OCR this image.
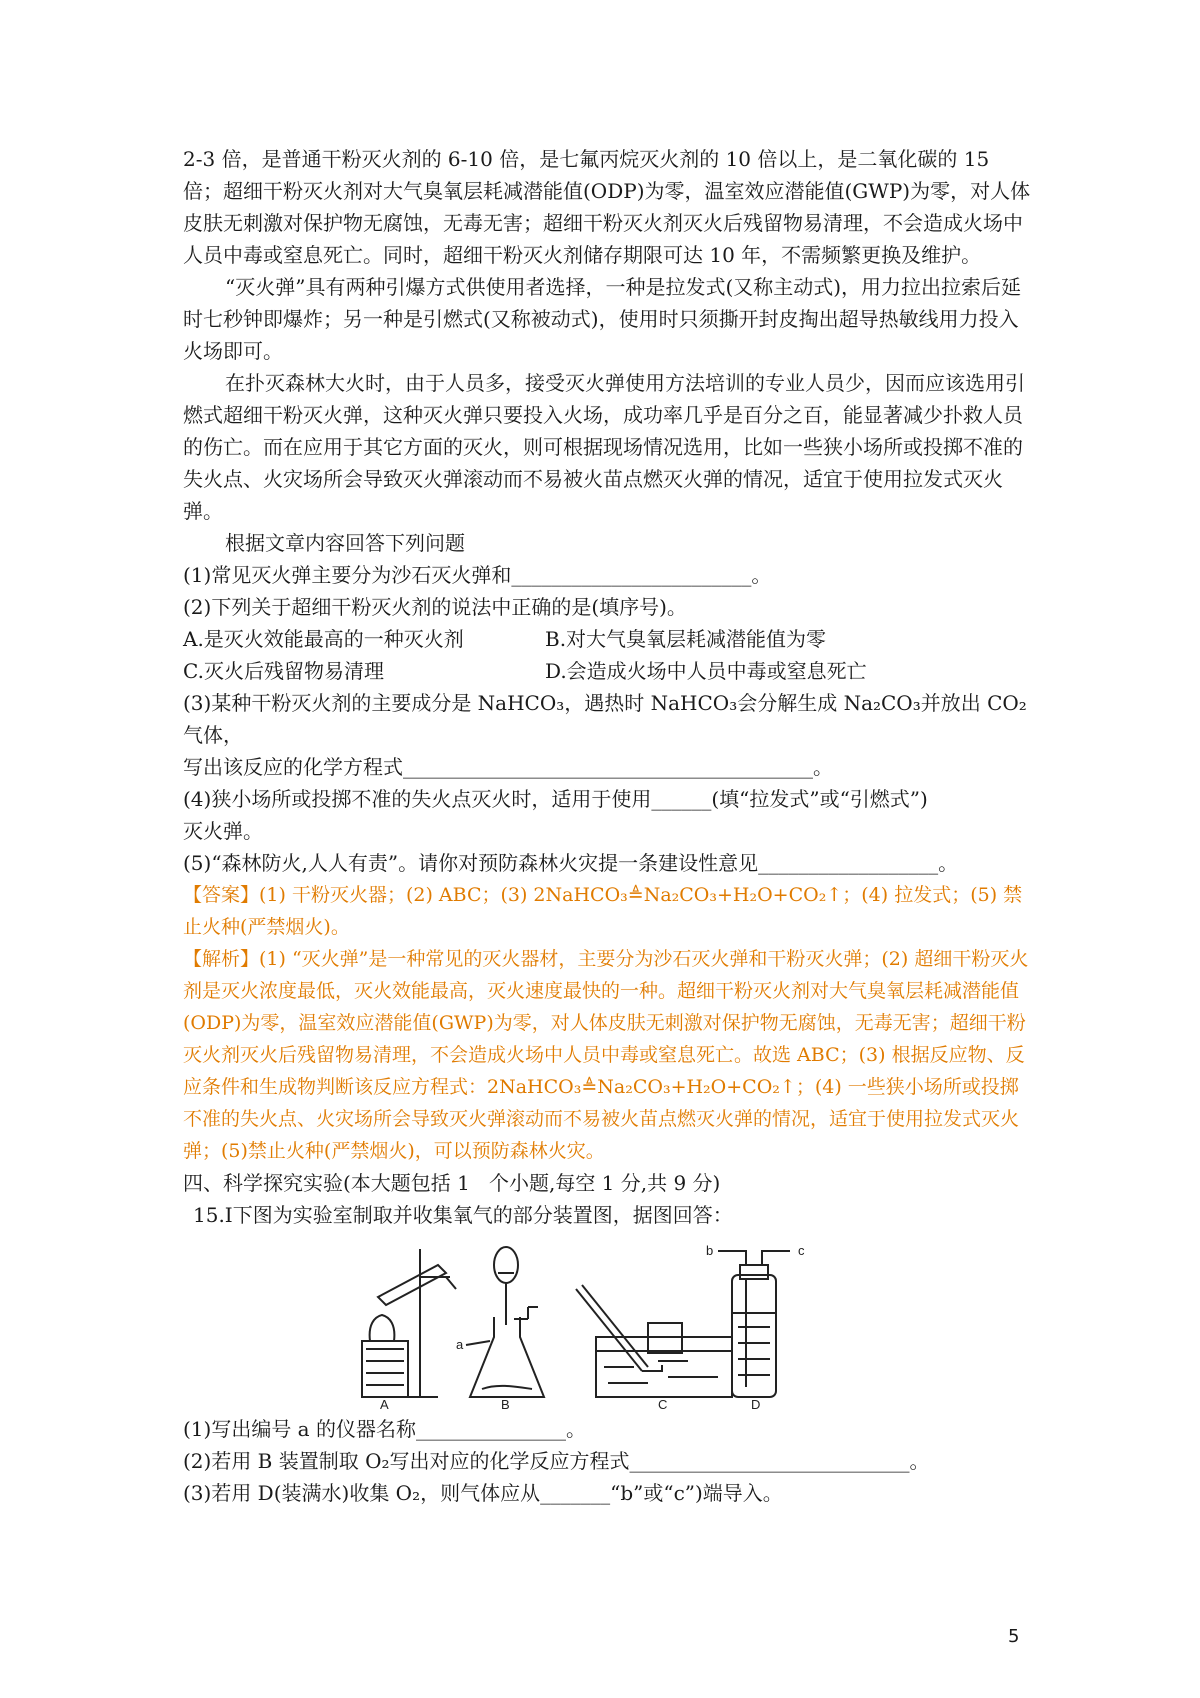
2-3 倍，是普通干粉灭火剂的 6-10 倍，是七氟丙烷灭火剂的 10 倍以上，是二氧化碳的 15 倍；超细干粉灭火剂对大气臭氧层耗减潜能值(ODP)为零，温室效应潜能值(GWP)为零，对人体皮肤无刺激对保护物无腐蚀，无毒无害；超细干粉灭火剂灭火后残留物易清理，不会造成火场中人员中毒或窒息死亡。同时，超细干粉灭火剂储存期限可达 10 年，不需频繁更换及维护。

“灭火弹”具有两种引爆方式供使用者选择，一种是拉发式(又称主动式)，用力拉出拉索后延时七秒钟即爆炸；另一种是引燃式(又称被动式)，使用时只须撕开封皮掏出超导热敏线用力投入火场即可。

在扑灭森林大火时，由于人员多，接受灭火弹使用方法培训的专业人员少，因而应该选用引燃式超细干粉灭火弹，这种灭火弹只要投入火场，成功率几乎是百分之百，能显著减少扑救人员的伤亡。而在应用于其它方面的灭火，则可根据现场情况选用，比如一些狭小场所或投掷不准的失火点、火灾场所会导致灭火弹滚动而不易被火苗点燃灭火弹的情况，适宜于使用拉发式灭火弹。

根据文章内容回答下列问题

(1)常见灭火弹主要分为沙石灭火弹和________________________。

(2)下列关于超细干粉灭火剂的说法中正确的是(填序号)。

A.是灭火效能最高的一种灭火剂	B.对大气臭氧层耗减潜能值为零
C.灭火后残留物易清理	D.会造成火场中人员中毒或窒息死亡

(3)某种干粉灭火剂的主要成分是 NaHCO₃，遇热时 NaHCO₃会分解生成 Na₂CO₃并放出 CO₂气体，

写出该反应的化学方程式_________________________________________。

(4)狭小场所或投掷不准的失火点灭火时，适用于使用______(填“拉发式”或“引燃式”)

灭火弹。

(5)“森林防火,人人有责”。请你对预防森林火灾提一条建设性意见__________________。

【答案】(1) 干粉灭火器；(2) ABC；(3) 2NaHCO₃≜Na₂CO₃+H₂O+CO₂↑；(4) 拉发式；(5) 禁止火种(严禁烟火)。

【解析】(1) “灭火弹”是一种常见的灭火器材，主要分为沙石灭火弹和干粉灭火弹；(2) 超细干粉灭火剂是灭火浓度最低，灭火效能最高，灭火速度最快的一种。超细干粉灭火剂对大气臭氧层耗减潜能值(ODP)为零，温室效应潜能值(GWP)为零，对人体皮肤无刺激对保护物无腐蚀，无毒无害；超细干粉灭火剂灭火后残留物易清理，不会造成火场中人员中毒或窒息死亡。故选 ABC；(3) 根据反应物、反应条件和生成物判断该反应方程式：2NaHCO₃≜Na₂CO₃+H₂O+CO₂↑；(4) 一些狭小场所或投掷不准的失火点、火灾场所会导致灭火弹滚动而不易被火苗点燃灭火弹的情况，适宜于使用拉发式灭火弹；(5)禁止火种(严禁烟火)，可以预防森林火灾。

四、科学探究实验(本大题包括 1   个小题,每空 1 分,共 9 分)

15.Ⅰ下图为实验室制取并收集氧气的部分装置图，据图回答：

A	B	C	D
a
b	c

(1)写出编号 a 的仪器名称_______________。

(2)若用 B 装置制取 O₂写出对应的化学反应方程式____________________________。

(3)若用 D(装满水)收集 O₂，则气体应从_______“b”或“c”)端导入。

5
